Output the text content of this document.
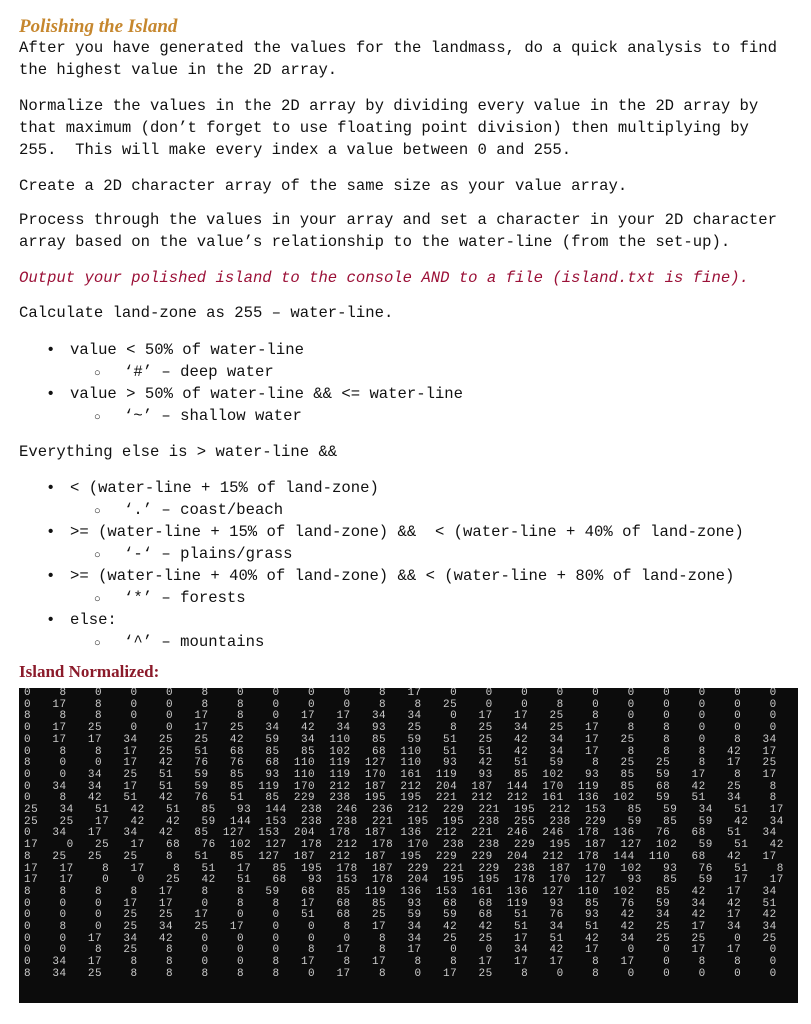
Polishing the Island

After you have generated the values for the landmass, do a quick analysis to find
the highest value in the 2D array.

Normalize the values in the 2D array by dividing every value in the 2D array by
that maximum (don’t forget to use floating point division) then multiplying by
255.  This will make every index a value between 0 and 255.

Create a 2D character array of the same size as your value array.

Process through the values in your array and set a character in your 2D character
array based on the value’s relationship to the water-line (from the set-up).

Output your polished island to the console AND to a file (island.txt is fine).

Calculate land-zone as 255 – water-line.

• value < 50% of water-line

○ ‘#’ – deep water

• value > 50% of water-line && <= water-line

○ ‘~’ – shallow water

Everything else is > water-line &&

• < (water-line + 15% of land-zone)

○ ‘.’ – coast/beach

• >= (water-line + 15% of land-zone) &&  < (water-line + 40% of land-zone)

○ ‘-‘ – plains/grass

• >= (water-line + 40% of land-zone) && < (water-line + 80% of land-zone)

○ ‘*’ – forests

• else:

○ ‘^’ – mountains

Island Normalized:
0    8    0    0    0    8    0    0    0    0    8   17    0    0    0    0    0    0    0    0    0    0
0   17    8    0    0    8    8    0    0    0    8    8   25    0    0    8    0    0    0    0    0    0
8    8    8    0    0   17    8    0   17   17   34   34    0   17   17   25    8    0    0    0    0    0
0   17   25    0    0   17   25   34   42   34   93   25    8   25   34   25   17    8    8    0    0    0
0   17   17   34   25   25   42   59   34  110   85   59   51   25   42   34   17   25    8    0    8   34
0    8    8   17   25   51   68   85   85  102   68  110   51   51   42   34   17    8    8    8   42   17
8    0    0   17   42   76   76   68  110  119  127  110   93   42   51   59    8   25   25    8   17   25
0    0   34   25   51   59   85   93  110  119  170  161  119   93   85  102   93   85   59   17    8   17
0   34   34   17   51   59   85  119  170  212  187  212  204  187  144  170  119   85   68   42   25    8
0    8   42   51   42   76   51   85  229  238  195  195  221  212  212  161  136  102   59   51   34    8
25   34   51   42   51   85   93  144  238  246  236  212  229  221  195  212  153   85   59   34   51   17
25   25   17   42   42   59  144  153  238  238  221  195  195  238  255  238  229   59   85   59   42   34
0   34   17   34   42   85  127  153  204  178  187  136  212  221  246  246  178  136   76   68   51   34
17    0   25   17   68   76  102  127  178  212  178  170  238  238  229  195  187  127  102   59   51   42
8   25   25   25    8   51   85  127  187  212  187  195  229  229  204  212  178  144  110   68   42   17
17   17    8   17    8   51   17   85  195  178  187  229  221  229  238  187  170  102   93   76   51    8
17   17    0    0   25   42   51   68   93  153  178  204  195  195  178  170  127   93   85   59   17   17
8    8    8    8   17    8    8   59   68   85  119  136  153  161  136  127  110  102   85   42   17   34
0    0    0   17   17    0    8    8   17   68   85   93   68   68  119   93   85   76   59   34   42   51
0    0    0   25   25   17    0    0   51   68   25   59   59   68   51   76   93   42   34   42   17   42
0    8    0   25   34   25   17    0    0    8   17   34   42   42   51   34   51   42   25   17   34   34
0    0   17   34   42    0    0    0    0    0    8   34   25   25   17   51   42   34   25   25    0   25
0    0    8   25    8    0    0    0    8   17    8   17    0    0   34   42   17    0    0   17   17    0
0   34   17    8    8    0    0    8   17    8   17    8    8   17   17   17    8   17    0    8    8    0
8   34   25    8    8    8    8    8    0   17    8    0   17   25    8    0    8    0    0    0    0    0
